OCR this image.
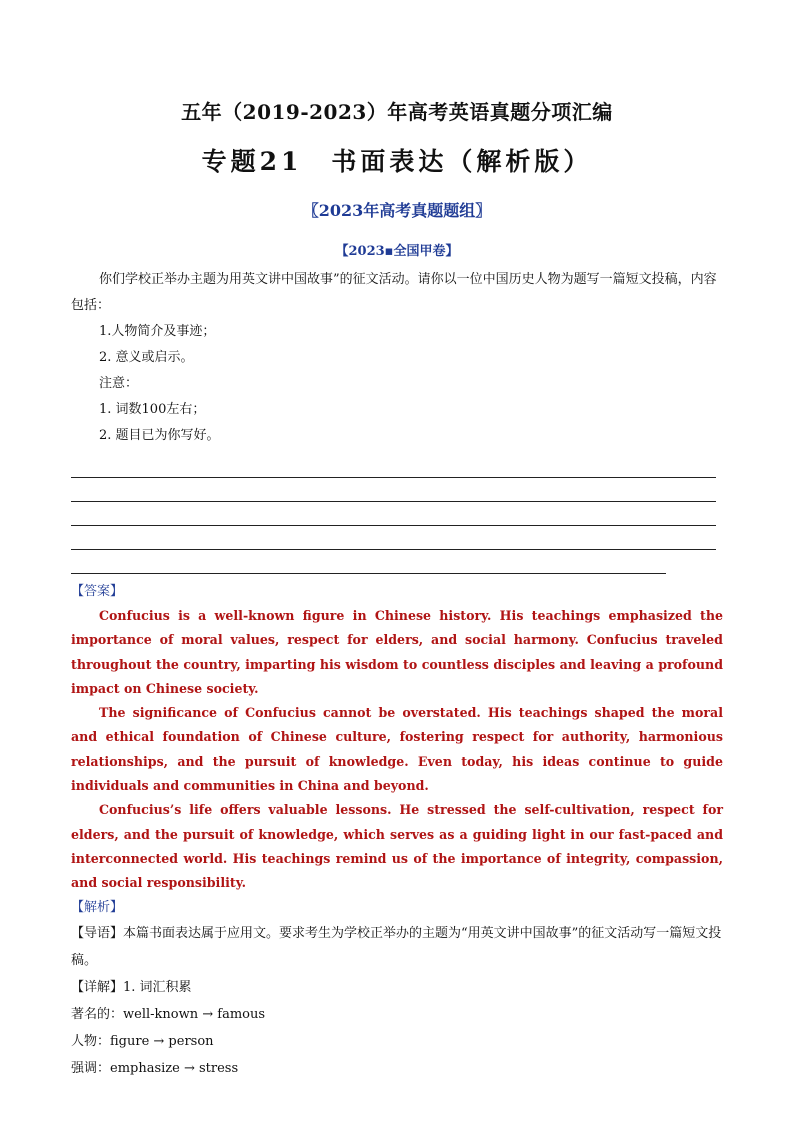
五年（2019-2023）年高考英语真题分项汇编
专题21　书面表达（解析版）
〖2023年高考真题题组〗
【2023▪全国甲卷】

你们学校正举办主题为用英文讲中国故事”的征文活动。请你以一位中国历史人物为题写一篇短文投稿，内容包括：

1.人物简介及事迹；

2. 意义或启示。

注意：

1. 词数100左右；

2. 题目已为你写好。

【答案】

Confucius is a well-known figure in Chinese history. His teachings emphasized the importance of moral values, respect for elders, and social harmony. Confucius traveled throughout the country, imparting his wisdom to countless disciples and leaving a profound impact on Chinese society.

The significance of Confucius cannot be overstated. His teachings shaped the moral and ethical foundation of Chinese culture, fostering respect for authority, harmonious relationships, and the pursuit of knowledge. Even today, his ideas continue to guide individuals and communities in China and beyond.

Confucius’s life offers valuable lessons. He stressed the self-cultivation, respect for elders, and the pursuit of knowledge, which serves as a guiding light in our fast-paced and interconnected world. His teachings remind us of the importance of integrity, compassion, and social responsibility.

【解析】

【导语】本篇书面表达属于应用文。要求考生为学校正举办的主题为“用英文讲中国故事”的征文活动写一篇短文投稿。

【详解】1. 词汇积累

著名的：well-known → famous

人物：figure → person

强调：emphasize → stress
